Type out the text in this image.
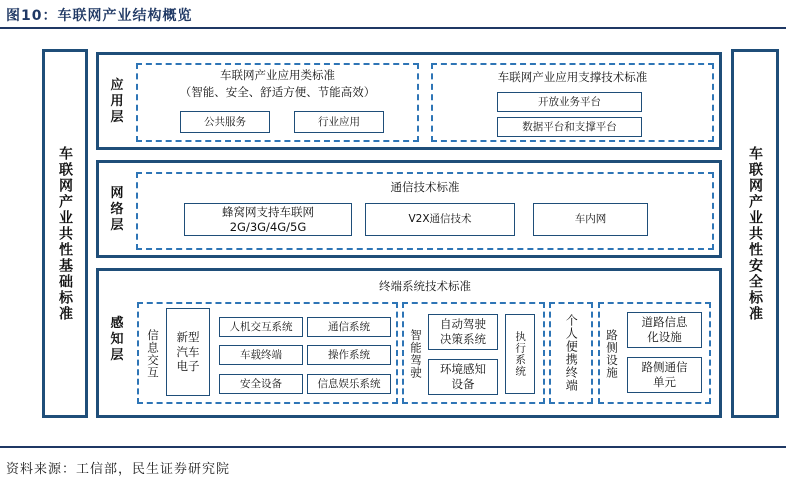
图10：车联网产业结构概览
车联网产业共性基础标准	车联网产业共性安全标准
应
用
层
车联网产业应用类标准
（智能、安全、舒适方便、节能高效）
公共服务	行业应用
车联网产业应用支撑技术标准
开放业务平台
数据平台和支撑平台
网
络
层
通信技术标准
蜂窝网支持车联网
2G/3G/4G/5G
V2X通信技术	车内网
感
知
层
终端系统技术标准
信息交互 新型
汽车
电子
人机交互系统	通信系统
车载终端	操作系统
安全设备	信息娱乐系统
智能驾驶
自动驾驶
决策系统
环境感知
设备
执行系统	个人便携终端	路侧设施
道路信息
化设施
路侧通信
单元
资料来源：工信部，民生证券研究院
